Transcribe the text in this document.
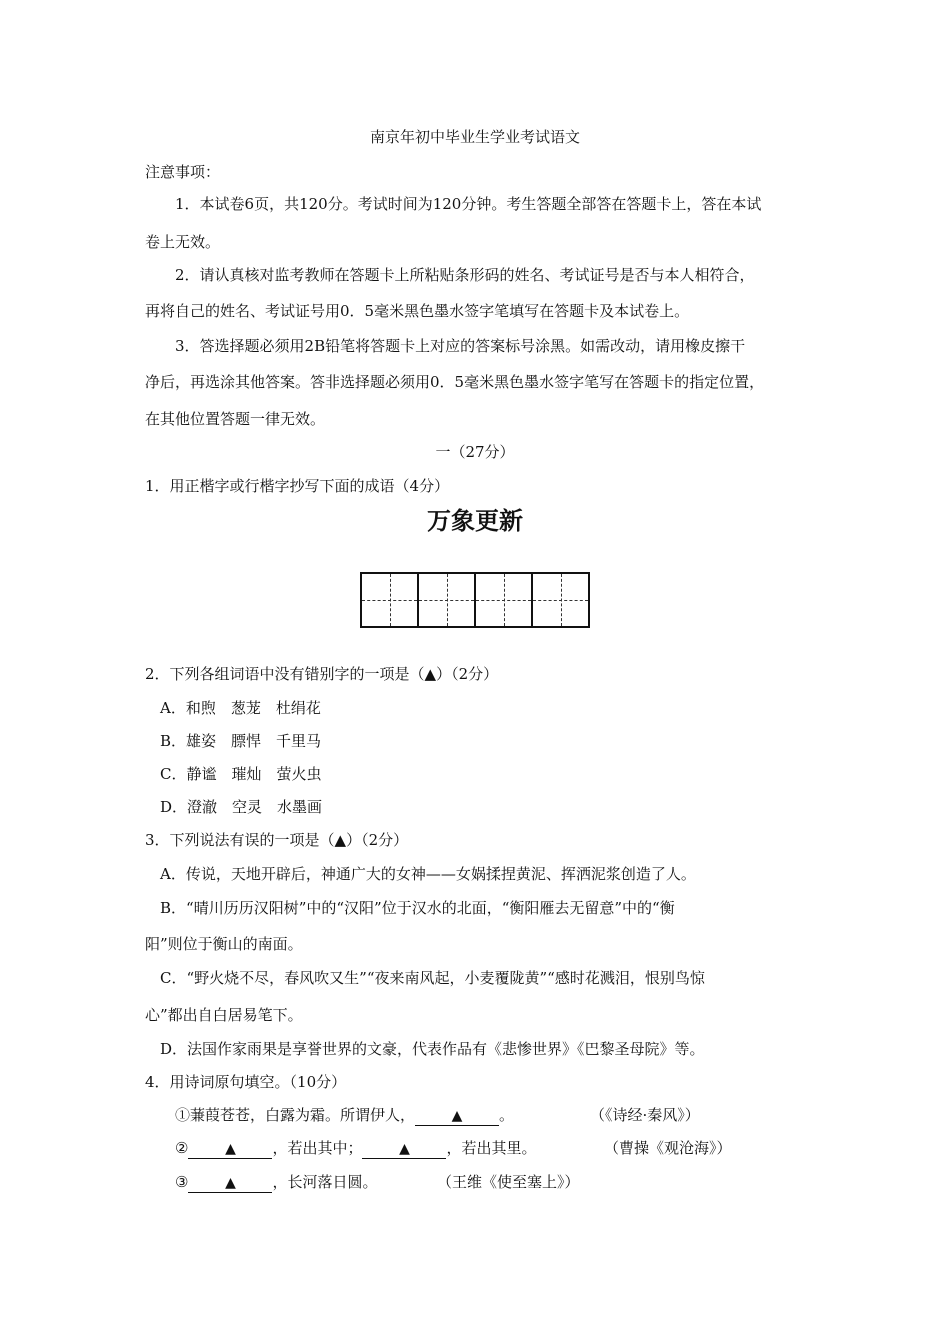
南京年初中毕业生学业考试语文
注意事项：
1．本试卷6页，共120分。考试时间为120分钟。考生答题全部答在答题卡上，答在本试
卷上无效。
2．请认真核对监考教师在答题卡上所粘贴条形码的姓名、考试证号是否与本人相符合，
再将自己的姓名、考试证号用0．5毫米黑色墨水签字笔填写在答题卡及本试卷上。
3．答选择题必须用2B铅笔将答题卡上对应的答案标号涂黑。如需改动，请用橡皮擦干
净后，再选涂其他答案。答非选择题必须用0．5毫米黑色墨水签字笔写在答题卡的指定位置，
在其他位置答题一律无效。
一（27分）
1．用正楷字或行楷字抄写下面的成语（4分）
万象更新
2．下列各组词语中没有错别字的一项是（▲）（2分）
A．和煦　葱茏　杜绢花
B．雄姿　膘悍　千里马
C．静谧　璀灿　萤火虫
D．澄澈　空灵　水墨画
3．下列说法有误的一项是（▲）（2分）
A．传说，天地开辟后，神通广大的女神——女娲揉捏黄泥、挥洒泥浆创造了人。
B．“晴川历历汉阳树”中的“汉阳”位于汉水的北面，“衡阳雁去无留意”中的“衡
阳”则位于衡山的南面。
C．“野火烧不尽，春风吹又生”“夜来南风起，小麦覆陇黄”“感时花溅泪，恨别鸟惊
心”都出自白居易笔下。
D．法国作家雨果是享誉世界的文豪，代表作品有《悲惨世界》《巴黎圣母院》等。
4．用诗词原句填空。（10分）
①蒹葭苍苍，白露为霜。所谓伊人，	▲ 。	（《诗经·秦风》）
②	▲ ，若出其中；	▲ ，若出其里。	（曹操《观沧海》）
③	▲ ，长河落日圆。	（王维《使至塞上》）
